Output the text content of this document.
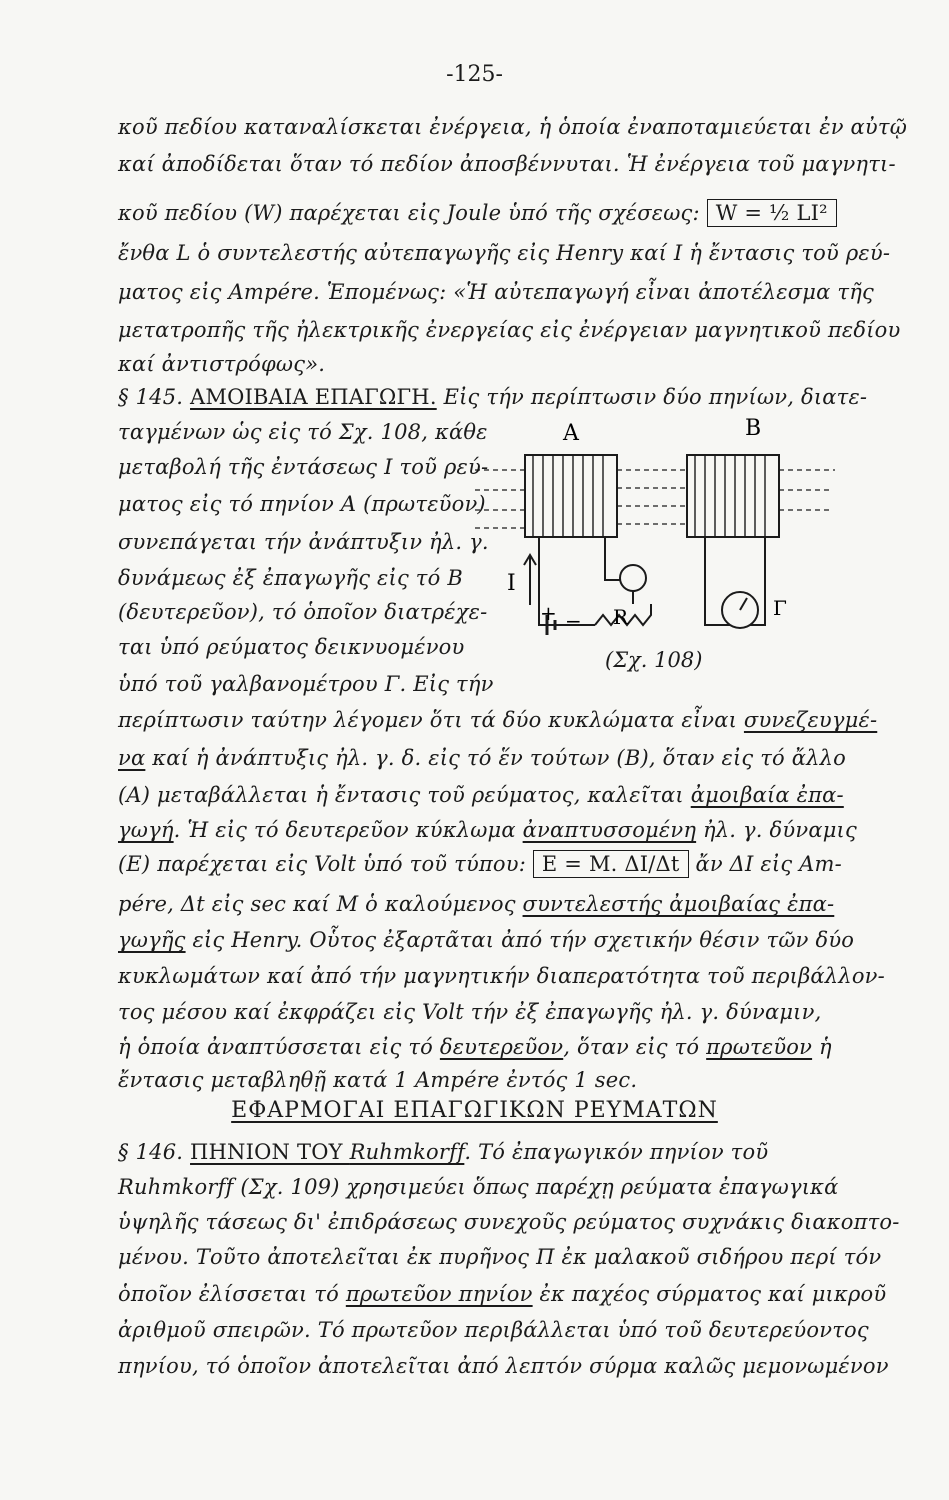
-125-
κοῦ πεδίου καταναλίσκεται ἐνέργεια, ἡ ὁποία ἐναποταμιεύεται ἐν αὐτῷ
καί ἀποδίδεται ὅταν τό πεδίον ἀποσβέννυται. Ἡ ἐνέργεια τοῦ μαγνητι-
κοῦ πεδίου (W) παρέχεται εἰς Joule ὑπό τῆς σχέσεως: W = ½ LI²
ἔνθα L ὁ συντελεστής αὐτεπαγωγῆς εἰς Henry καί I ἡ ἔντασις τοῦ ρεύ-
ματος εἰς Ampére. Ἑπομένως: «Ἡ αὐτεπαγωγή εἶναι ἀποτέλεσμα τῆς
μετατροπῆς τῆς ἠλεκτρικῆς ἐνεργείας εἰς ἐνέργειαν μαγνητικοῦ πεδίου
καί ἀντιστρόφως».
§ 145. ΑΜΟΙΒΑΙΑ ΕΠΑΓΩΓΗ. Εἰς τήν περίπτωσιν δύο πηνίων, διατε-
ταγμένων ὡς εἰς τό Σχ. 108, κάθε
μεταβολή τῆς ἐντάσεως I τοῦ ρεύ-
ματος εἰς τό πηνίον Α (πρωτεῦον)
συνεπάγεται τήν ἀνάπτυξιν ἠλ. γ.
δυνάμεως ἐξ ἐπαγωγῆς εἰς τό Β
(δευτερεῦον), τό ὁποῖον διατρέχε-
ται ὑπό ρεύματος δεικνυομένου
ὑπό τοῦ γαλβανομέτρου Γ. Εἰς τήν
A	B
I
+ − R	Γ
(Σχ. 108)
περίπτωσιν ταύτην λέγομεν ὅτι τά δύο κυκλώματα εἶναι συνεζευγμέ-
να καί ἡ ἀνάπτυξις ἠλ. γ. δ. εἰς τό ἕν τούτων (Β), ὅταν εἰς τό ἄλλο
(Α) μεταβάλλεται ἡ ἔντασις τοῦ ρεύματος, καλεῖται ἀμοιβαία ἐπα-
γωγή. Ἡ εἰς τό δευτερεῦον κύκλωμα ἀναπτυσσομένη ἠλ. γ. δύναμις
(Ε) παρέχεται εἰς Volt ὑπό τοῦ τύπου: E = M. ΔI/Δt ἄν ΔΙ εἰς Am-
pére, Δt εἰς sec καί Μ ὁ καλούμενος συντελεστής ἀμοιβαίας ἐπα-
γωγῆς εἰς Henry. Οὗτος ἐξαρτᾶται ἀπό τήν σχετικήν θέσιν τῶν δύο
κυκλωμάτων καί ἀπό τήν μαγνητικήν διαπερατότητα τοῦ περιβάλλον-
τος μέσου καί ἐκφράζει εἰς Volt τήν ἐξ ἐπαγωγῆς ἠλ. γ. δύναμιν,
ἡ ὁποία ἀναπτύσσεται εἰς τό δευτερεῦον, ὅταν εἰς τό πρωτεῦον ἡ
ἔντασις μεταβληθῇ κατά 1 Ampére ἐντός 1 sec.
ΕΦΑΡΜΟΓΑΙ ΕΠΑΓΩΓΙΚΩΝ ΡΕΥΜΑΤΩΝ
§ 146. ΠΗΝΙΟΝ ΤΟΥ Ruhmkorff. Τό ἐπαγωγικόν πηνίον τοῦ
Ruhmkorff (Σχ. 109) χρησιμεύει ὅπως παρέχῃ ρεύματα ἐπαγωγικά
ὑψηλῆς τάσεως δι' ἐπιδράσεως συνεχοῦς ρεύματος συχνάκις διακοπτο-
μένου. Τοῦτο ἀποτελεῖται ἐκ πυρῆνος Π ἐκ μαλακοῦ σιδήρου περί τόν
ὁποῖον ἐλίσσεται τό πρωτεῦον πηνίον ἐκ παχέος σύρματος καί μικροῦ
ἀριθμοῦ σπειρῶν. Τό πρωτεῦον περιβάλλεται ὑπό τοῦ δευτερεύοντος
πηνίου, τό ὁποῖον ἀποτελεῖται ἀπό λεπτόν σύρμα καλῶς μεμονωμένον
